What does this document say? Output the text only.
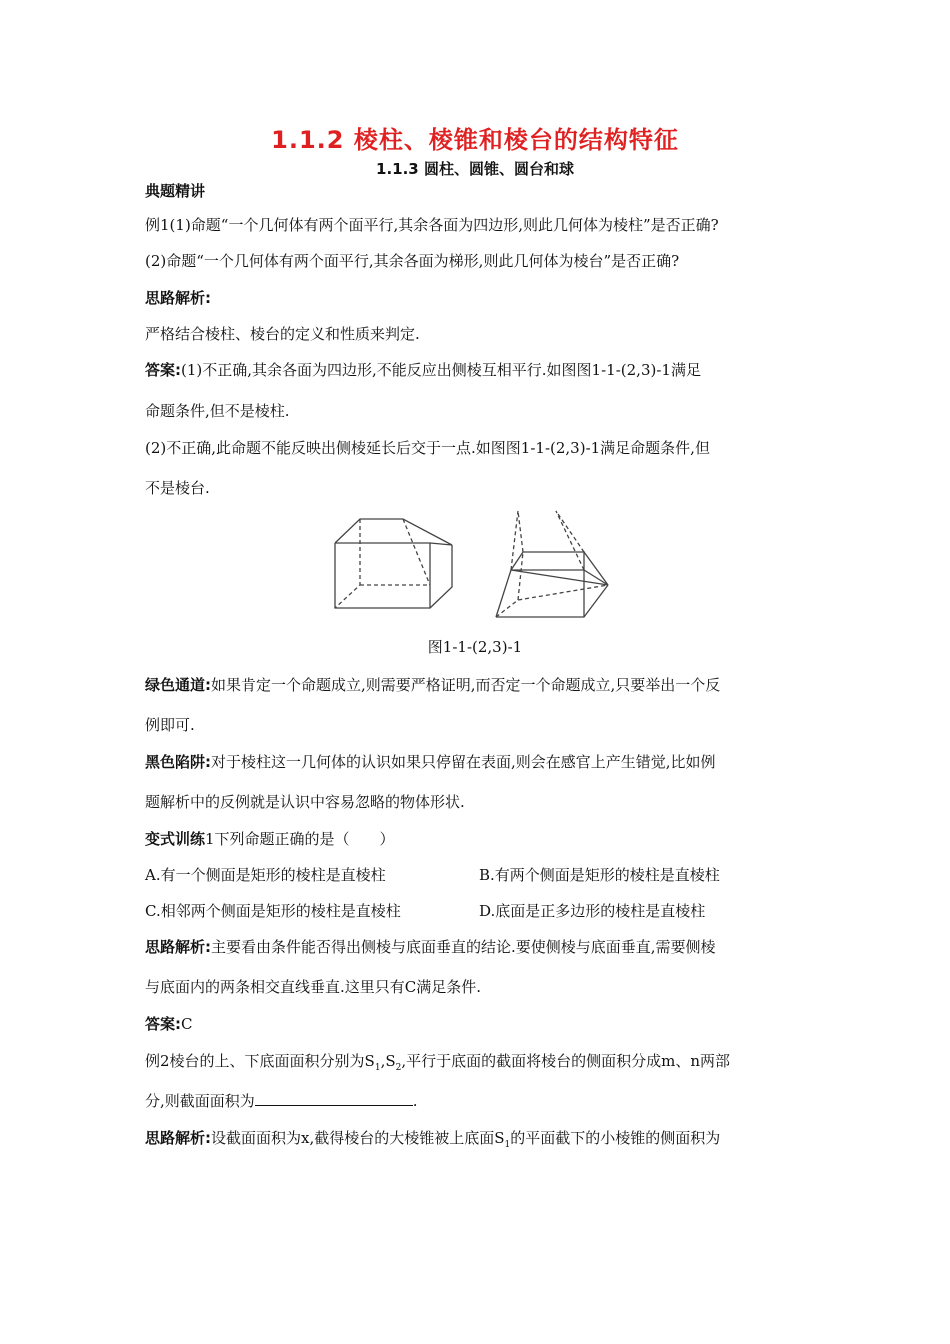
1.1.2 棱柱、棱锥和棱台的结构特征
1.1.3 圆柱、圆锥、圆台和球
典题精讲
例1(1)命题“一个几何体有两个面平行,其余各面为四边形,则此几何体为棱柱”是否正确?
(2)命题“一个几何体有两个面平行,其余各面为梯形,则此几何体为棱台”是否正确?
思路解析:
严格结合棱柱、棱台的定义和性质来判定.
答案:(1)不正确,其余各面为四边形,不能反应出侧棱互相平行.如图图1-1-(2,3)-1满足
命题条件,但不是棱柱.
(2)不正确,此命题不能反映出侧棱延长后交于一点.如图图1-1-(2,3)-1满足命题条件,但
不是棱台.
图1-1-(2,3)-1
绿色通道:如果肯定一个命题成立,则需要严格证明,而否定一个命题成立,只要举出一个反
例即可.
黑色陷阱:对于棱柱这一几何体的认识如果只停留在表面,则会在感官上产生错觉,比如例
题解析中的反例就是认识中容易忽略的物体形状.
变式训练1下列命题正确的是（　　）
A.有一个侧面是矩形的棱柱是直棱柱	B.有两个侧面是矩形的棱柱是直棱柱
C.相邻两个侧面是矩形的棱柱是直棱柱	D.底面是正多边形的棱柱是直棱柱
思路解析:主要看由条件能否得出侧棱与底面垂直的结论.要使侧棱与底面垂直,需要侧棱
与底面内的两条相交直线垂直.这里只有C满足条件.
答案:C
例2棱台的上、下底面面积分别为$S_1,S_2$,平行于底面的截面将棱台的侧面积分成m、n两部
分,则截面面积为	.
思路解析:设截面面积为x,截得棱台的大棱锥被上底面$S_1$的平面截下的小棱锥的侧面积为
